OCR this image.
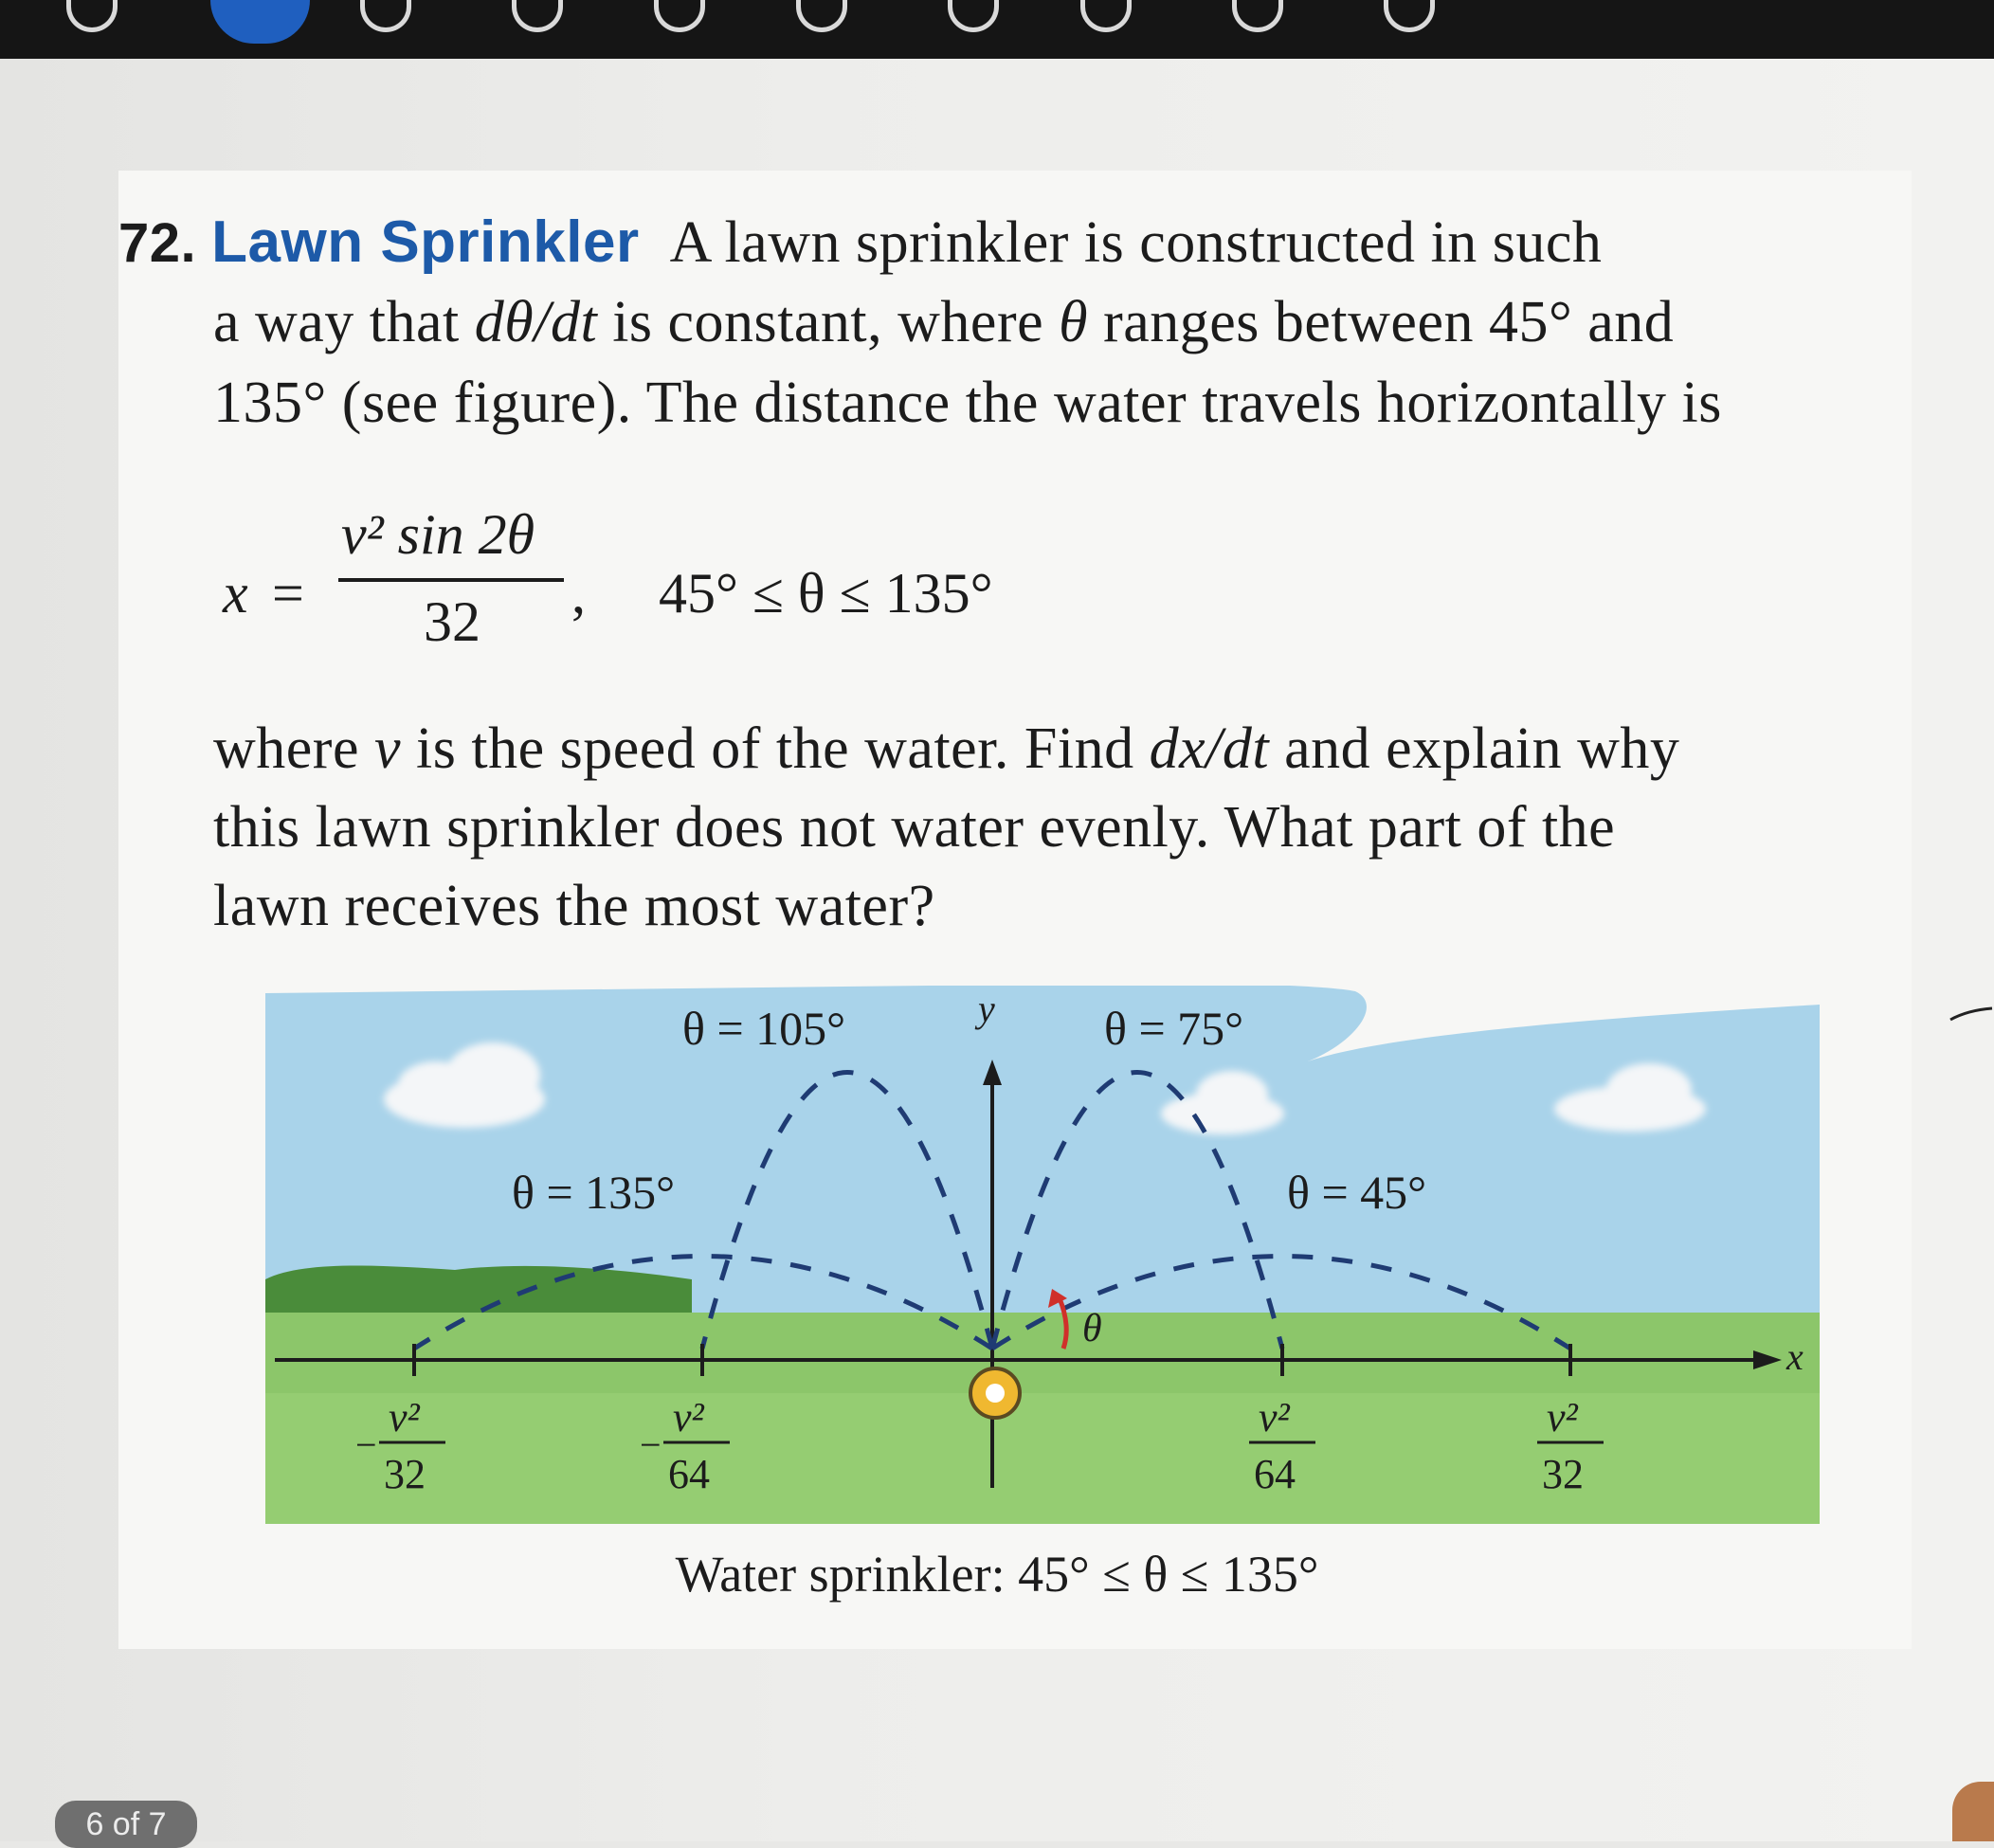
72. Lawn Sprinkler A lawn sprinkler is constructed in such
a way that dθ/dt is constant, where θ ranges between 45° and
135° (see figure). The distance the water travels horizontally is
x =
v² sin 2θ
32 , 45° ≤ θ ≤ 135°
where v is the speed of the water. Find dx/dt and explain why
this lawn sprinkler does not water evenly. What part of the
lawn receives the most water?
x
y
θ
θ = 105°	θ = 75°
θ = 135°	θ = 45°
−
v²
32
−
v²
64
v²
64
v²
32
Water sprinkler: 45° ≤ θ ≤ 135°
6 of 7
